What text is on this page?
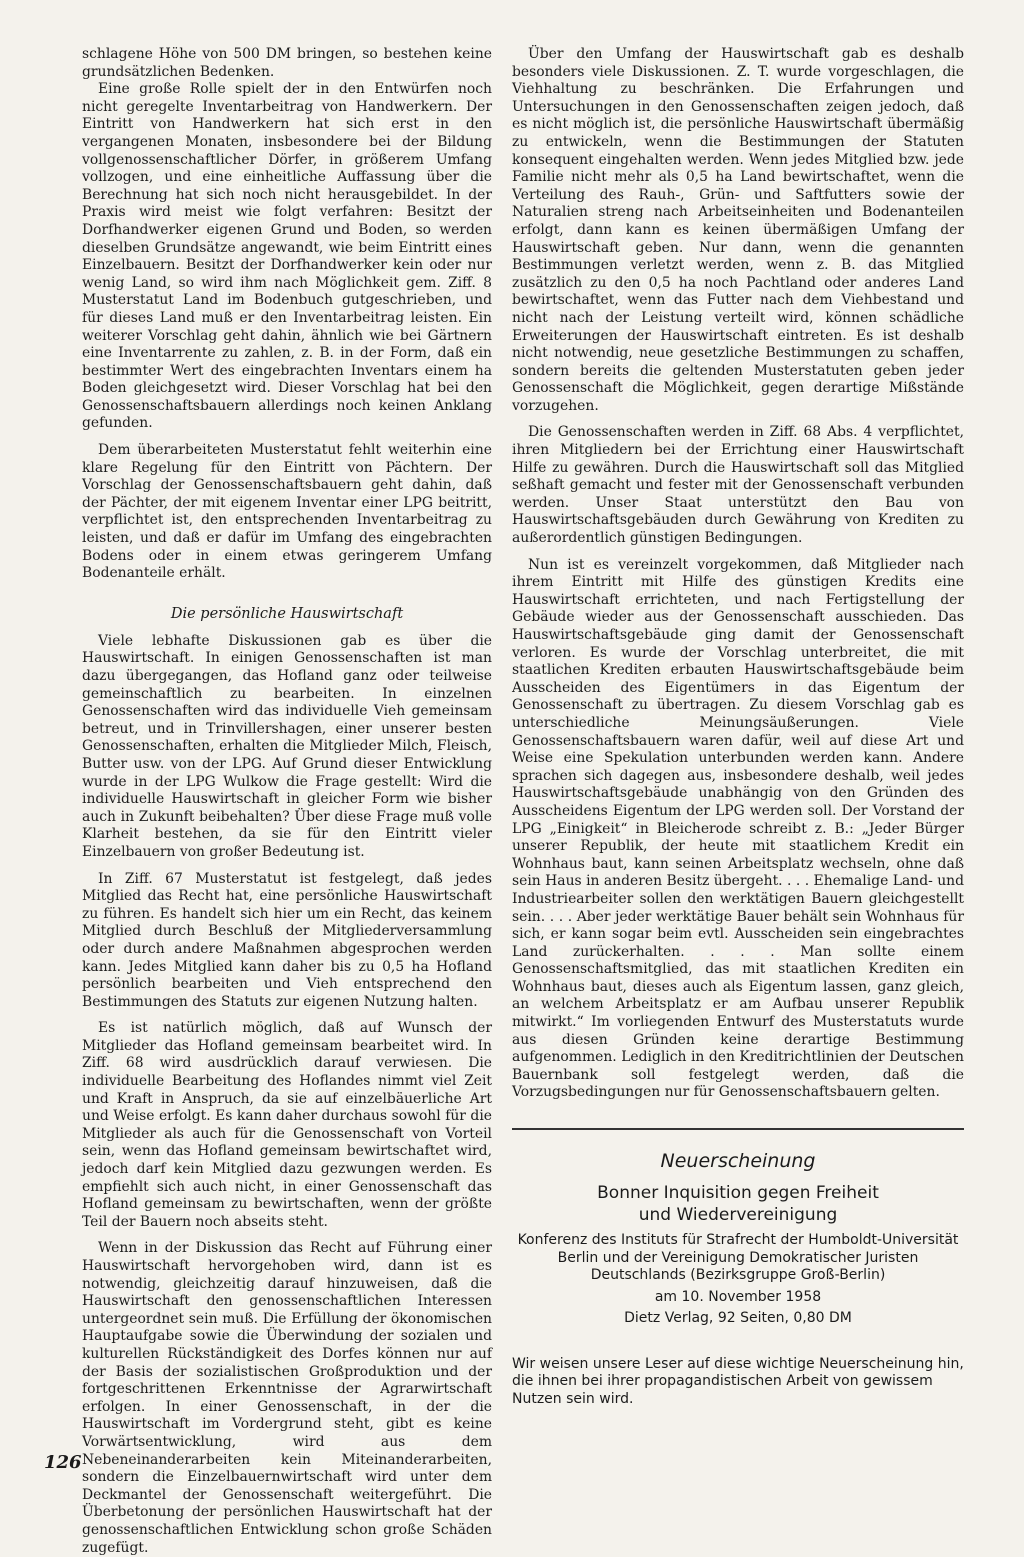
schlagene Höhe von 500 DM bringen, so bestehen keine grundsätzlichen Bedenken.

Eine große Rolle spielt der in den Entwürfen noch nicht geregelte Inventarbeitrag von Handwerkern. Der Eintritt von Handwerkern hat sich erst in den vergangenen Monaten, insbesondere bei der Bildung vollgenossenschaftlicher Dörfer, in größerem Umfang vollzogen, und eine einheitliche Auffassung über die Berechnung hat sich noch nicht herausgebildet. In der Praxis wird meist wie folgt verfahren: Besitzt der Dorfhandwerker eigenen Grund und Boden, so werden dieselben Grundsätze angewandt, wie beim Eintritt eines Einzelbauern. Besitzt der Dorfhandwerker kein oder nur wenig Land, so wird ihm nach Möglichkeit gem. Ziff. 8 Musterstatut Land im Bodenbuch gutgeschrieben, und für dieses Land muß er den Inventarbeitrag leisten. Ein weiterer Vorschlag geht dahin, ähnlich wie bei Gärtnern eine Inventarrente zu zahlen, z. B. in der Form, daß ein bestimmter Wert des eingebrachten Inventars einem ha Boden gleichgesetzt wird. Dieser Vorschlag hat bei den Genossenschaftsbauern allerdings noch keinen Anklang gefunden.

Dem überarbeiteten Musterstatut fehlt weiterhin eine klare Regelung für den Eintritt von Pächtern. Der Vorschlag der Genossenschaftsbauern geht dahin, daß der Pächter, der mit eigenem Inventar einer LPG beitritt, verpflichtet ist, den entsprechenden Inventarbeitrag zu leisten, und daß er dafür im Umfang des eingebrachten Bodens oder in einem etwas geringerem Umfang Bodenanteile erhält.

Die persönliche Hauswirtschaft

Viele lebhafte Diskussionen gab es über die Hauswirtschaft. In einigen Genossenschaften ist man dazu übergegangen, das Hofland ganz oder teilweise gemeinschaftlich zu bearbeiten. In einzelnen Genossenschaften wird das individuelle Vieh gemeinsam betreut, und in Trinvillershagen, einer unserer besten Genossenschaften, erhalten die Mitglieder Milch, Fleisch, Butter usw. von der LPG. Auf Grund dieser Entwicklung wurde in der LPG Wulkow die Frage gestellt: Wird die individuelle Hauswirtschaft in gleicher Form wie bisher auch in Zukunft beibehalten? Über diese Frage muß volle Klarheit bestehen, da sie für den Eintritt vieler Einzelbauern von großer Bedeutung ist.

In Ziff. 67 Musterstatut ist festgelegt, daß jedes Mitglied das Recht hat, eine persönliche Hauswirtschaft zu führen. Es handelt sich hier um ein Recht, das keinem Mitglied durch Beschluß der Mitgliederversammlung oder durch andere Maßnahmen abgesprochen werden kann. Jedes Mitglied kann daher bis zu 0,5 ha Hofland persönlich bearbeiten und Vieh entsprechend den Bestimmungen des Statuts zur eigenen Nutzung halten.

Es ist natürlich möglich, daß auf Wunsch der Mitglieder das Hofland gemeinsam bearbeitet wird. In Ziff. 68 wird ausdrücklich darauf verwiesen. Die individuelle Bearbeitung des Hoflandes nimmt viel Zeit und Kraft in Anspruch, da sie auf einzelbäuerliche Art und Weise erfolgt. Es kann daher durchaus sowohl für die Mitglieder als auch für die Genossenschaft von Vorteil sein, wenn das Hofland gemeinsam bewirtschaftet wird, jedoch darf kein Mitglied dazu gezwungen werden. Es empfiehlt sich auch nicht, in einer Genossenschaft das Hofland gemeinsam zu bewirtschaften, wenn der größte Teil der Bauern noch abseits steht.

Wenn in der Diskussion das Recht auf Führung einer Hauswirtschaft hervorgehoben wird, dann ist es notwendig, gleichzeitig darauf hinzuweisen, daß die Hauswirtschaft den genossenschaftlichen Interessen untergeordnet sein muß. Die Erfüllung der ökonomischen Hauptaufgabe sowie die Überwindung der sozialen und kulturellen Rückständigkeit des Dorfes können nur auf der Basis der sozialistischen Großproduktion und der fortgeschrittenen Erkenntnisse der Agrarwirtschaft erfolgen. In einer Genossenschaft, in der die Hauswirtschaft im Vordergrund steht, gibt es keine Vorwärtsentwicklung, wird aus dem Nebeneinanderarbeiten kein Miteinanderarbeiten, sondern die Einzelbauernwirtschaft wird unter dem Deckmantel der Genossenschaft weitergeführt. Die Überbetonung der persönlichen Hauswirtschaft hat der genossenschaftlichen Entwicklung schon große Schäden zugefügt.

Über den Umfang der Hauswirtschaft gab es deshalb besonders viele Diskussionen. Z. T. wurde vorgeschlagen, die Viehhaltung zu beschränken. Die Erfahrungen und Untersuchungen in den Genossenschaften zeigen jedoch, daß es nicht möglich ist, die persönliche Hauswirtschaft übermäßig zu entwickeln, wenn die Bestimmungen der Statuten konsequent eingehalten werden. Wenn jedes Mitglied bzw. jede Familie nicht mehr als 0,5 ha Land bewirtschaftet, wenn die Verteilung des Rauh-, Grün- und Saftfutters sowie der Naturalien streng nach Arbeitseinheiten und Bodenanteilen erfolgt, dann kann es keinen übermäßigen Umfang der Hauswirtschaft geben. Nur dann, wenn die genannten Bestimmungen verletzt werden, wenn z. B. das Mitglied zusätzlich zu den 0,5 ha noch Pachtland oder anderes Land bewirtschaftet, wenn das Futter nach dem Viehbestand und nicht nach der Leistung verteilt wird, können schädliche Erweiterungen der Hauswirtschaft eintreten. Es ist deshalb nicht notwendig, neue gesetzliche Bestimmungen zu schaffen, sondern bereits die geltenden Musterstatuten geben jeder Genossenschaft die Möglichkeit, gegen derartige Mißstände vorzugehen.

Die Genossenschaften werden in Ziff. 68 Abs. 4 verpflichtet, ihren Mitgliedern bei der Errichtung einer Hauswirtschaft Hilfe zu gewähren. Durch die Hauswirtschaft soll das Mitglied seßhaft gemacht und fester mit der Genossenschaft verbunden werden. Unser Staat unterstützt den Bau von Hauswirtschaftsgebäuden durch Gewährung von Krediten zu außerordentlich günstigen Bedingungen.

Nun ist es vereinzelt vorgekommen, daß Mitglieder nach ihrem Eintritt mit Hilfe des günstigen Kredits eine Hauswirtschaft errichteten, und nach Fertigstellung der Gebäude wieder aus der Genossenschaft ausschieden. Das Hauswirtschaftsgebäude ging damit der Genossenschaft verloren. Es wurde der Vorschlag unterbreitet, die mit staatlichen Krediten erbauten Hauswirtschaftsgebäude beim Ausscheiden des Eigentümers in das Eigentum der Genossenschaft zu übertragen. Zu diesem Vorschlag gab es unterschiedliche Meinungsäußerungen. Viele Genossenschaftsbauern waren dafür, weil auf diese Art und Weise eine Spekulation unterbunden werden kann. Andere sprachen sich dagegen aus, insbesondere deshalb, weil jedes Hauswirtschaftsgebäude unabhängig von den Gründen des Ausscheidens Eigentum der LPG werden soll. Der Vorstand der LPG „Einigkeit“ in Bleicherode schreibt z. B.: „Jeder Bürger unserer Republik, der heute mit staatlichem Kredit ein Wohnhaus baut, kann seinen Arbeitsplatz wechseln, ohne daß sein Haus in anderen Besitz übergeht. . . . Ehemalige Land- und Industriearbeiter sollen den werktätigen Bauern gleichgestellt sein. . . . Aber jeder werktätige Bauer behält sein Wohnhaus für sich, er kann sogar beim evtl. Ausscheiden sein eingebrachtes Land zurückerhalten. . . . Man sollte einem Genossenschaftsmitglied, das mit staatlichen Krediten ein Wohnhaus baut, dieses auch als Eigentum lassen, ganz gleich, an welchem Arbeitsplatz er am Aufbau unserer Republik mitwirkt.“ Im vorliegenden Entwurf des Musterstatuts wurde aus diesen Gründen keine derartige Bestimmung aufgenommen. Lediglich in den Kreditrichtlinien der Deutschen Bauernbank soll festgelegt werden, daß die Vorzugsbedingungen nur für Genossenschaftsbauern gelten.

Neuerscheinung
Bonner Inquisition gegen Freiheit
und Wiedervereinigung
Konferenz des Instituts für Strafrecht der Humboldt-Universität Berlin und der Vereinigung Demokratischer Juristen Deutschlands (Bezirksgruppe Groß-Berlin)
am 10. November 1958
Dietz Verlag, 92 Seiten, 0,80 DM
Wir weisen unsere Leser auf diese wichtige Neuerscheinung hin, die ihnen bei ihrer propagandistischen Arbeit von gewissem Nutzen sein wird.
126
